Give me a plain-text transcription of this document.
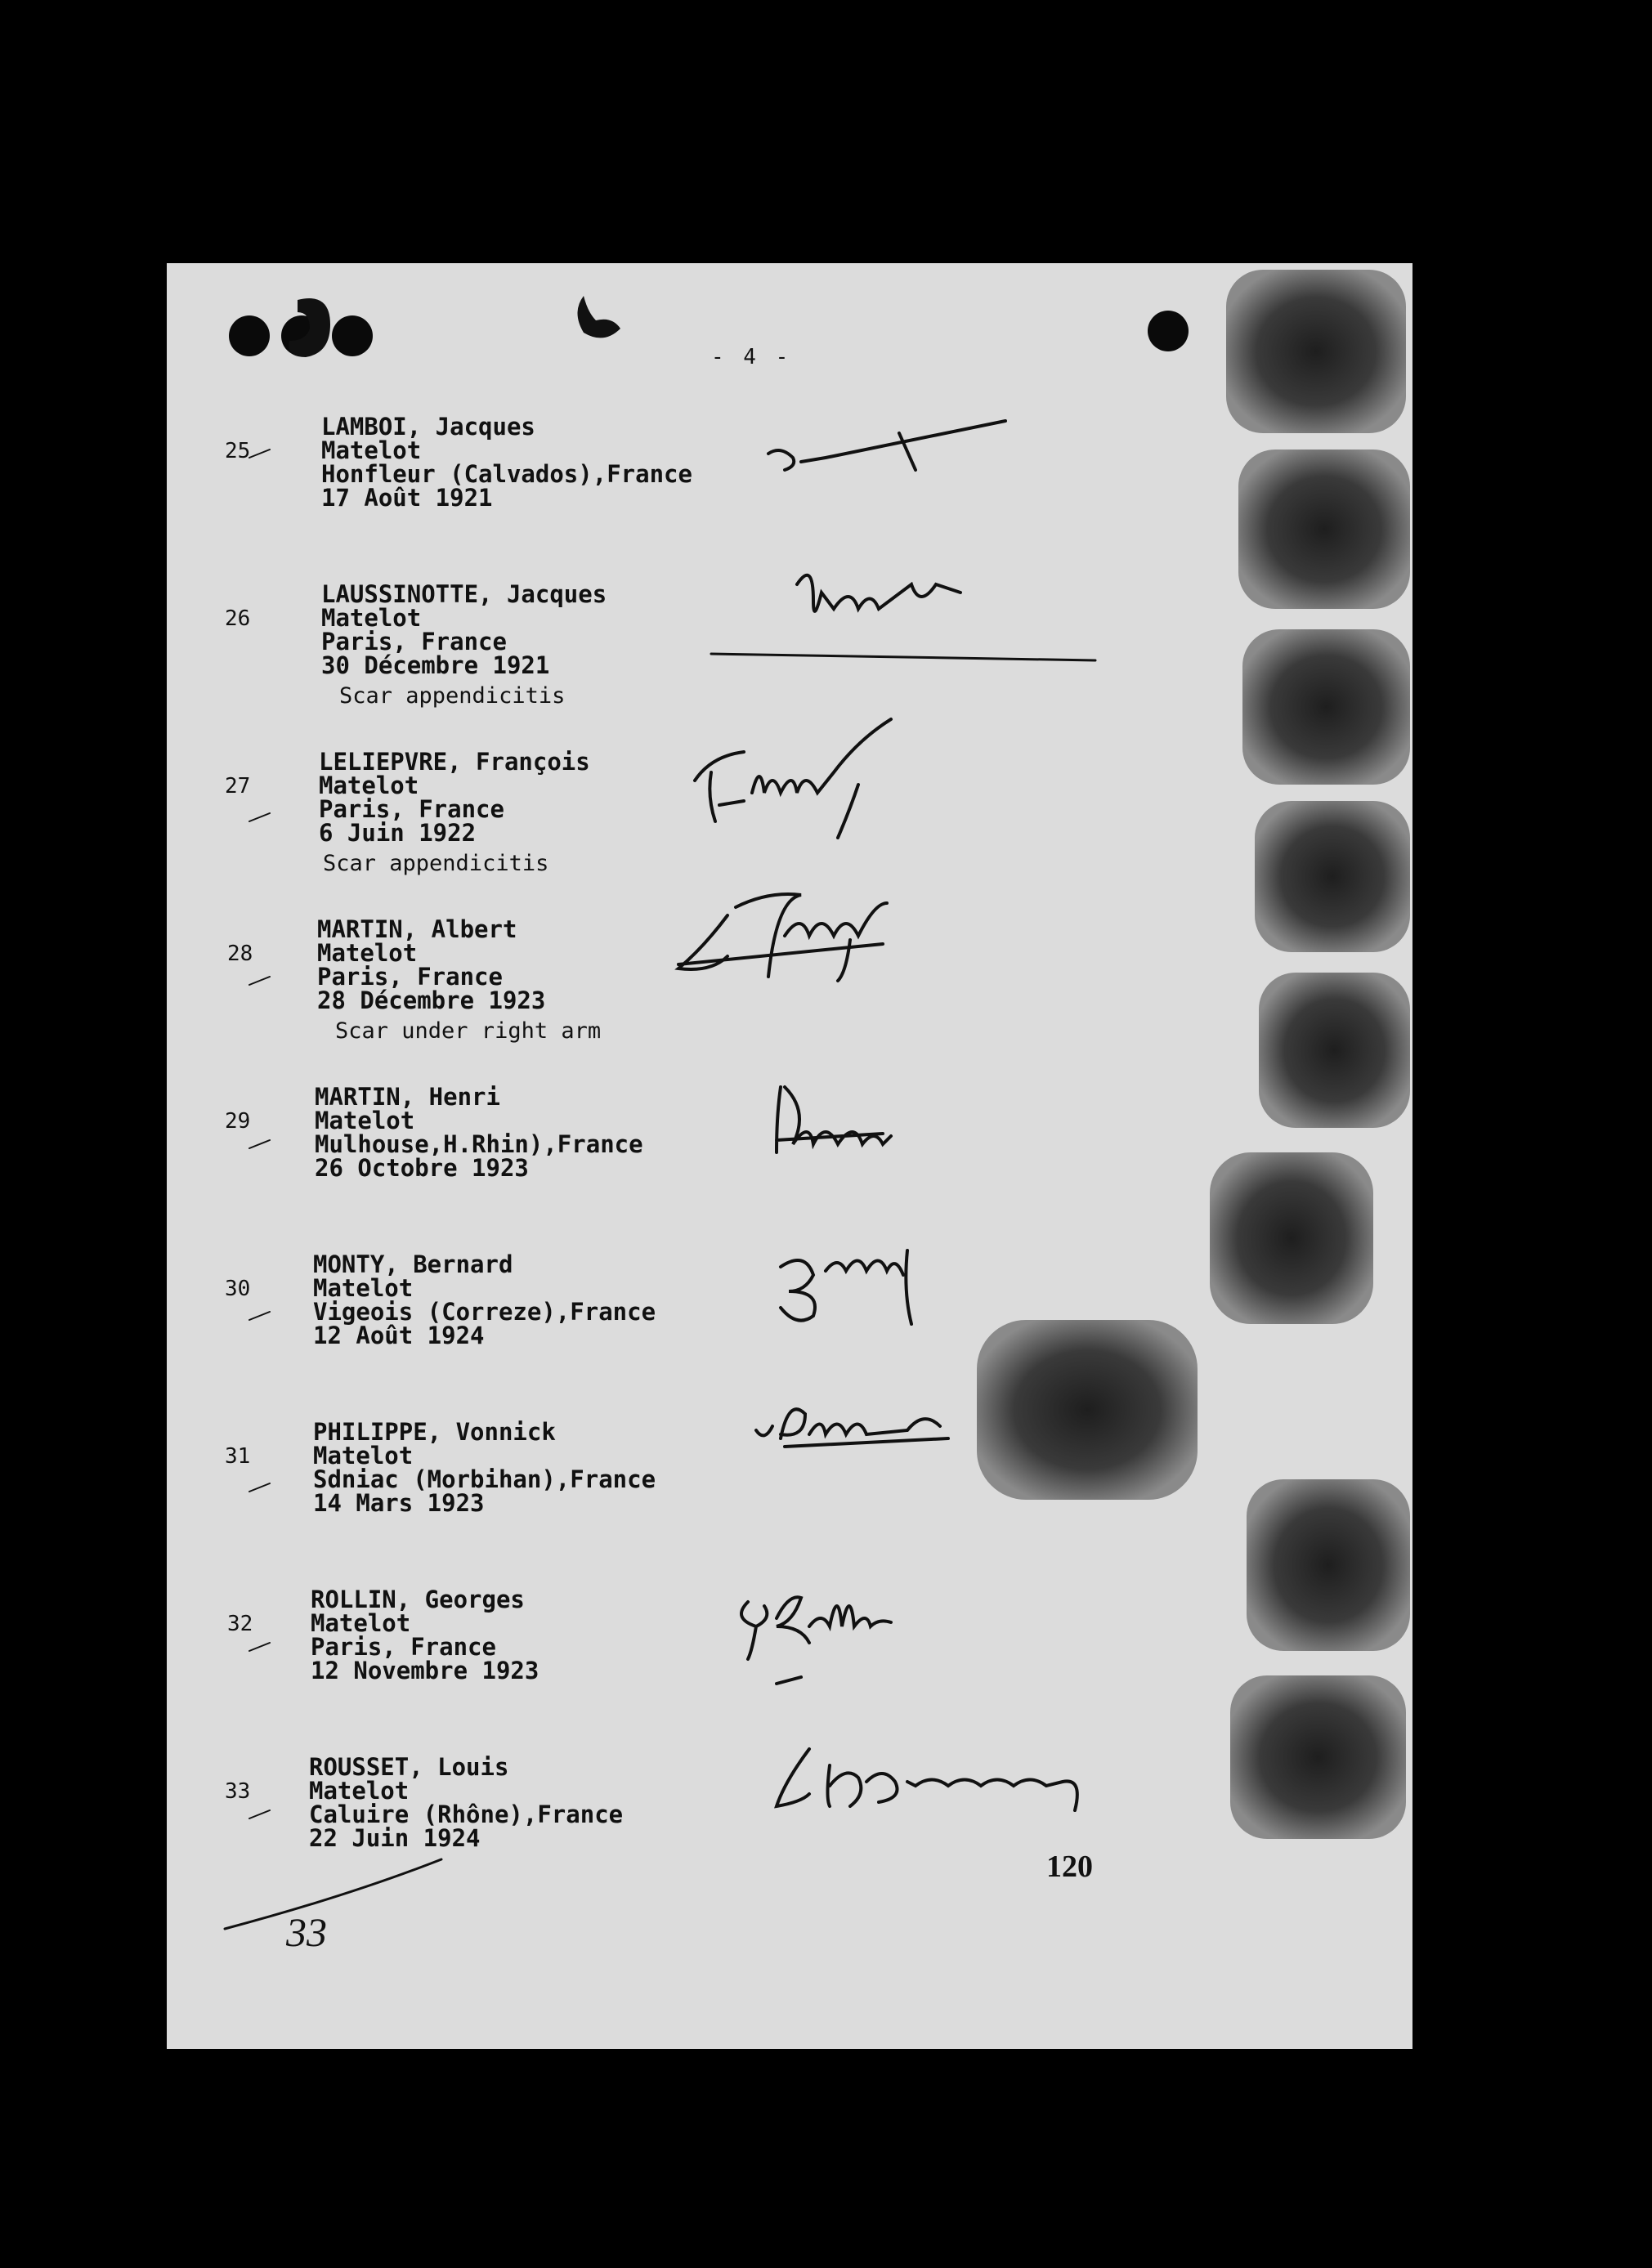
- 4 -
25
LAMBOI, Jacques
Matelot
Honfleur (Calvados),France
17 Août 1921
26
LAUSSINOTTE, Jacques
Matelot
Paris, France
30 Décembre 1921
Scar appendicitis
27
LELIEPVRE, François
Matelot
Paris, France
6 Juin 1922
Scar appendicitis
28
MARTIN, Albert
Matelot
Paris, France
28 Décembre 1923
Scar under right arm
29
MARTIN, Henri
Matelot
Mulhouse,H.Rhin),France
26 Octobre 1923
30
MONTY, Bernard
Matelot
Vigeois (Correze),France
12 Août 1924
31
PHILIPPE, Vonnick
Matelot
Sdniac (Morbihan),France
14 Mars 1923
32
ROLLIN, Georges
Matelot
Paris, France
12 Novembre 1923
33
ROUSSET, Louis
Matelot
Caluire (Rhône),France
22 Juin 1924
120
33
